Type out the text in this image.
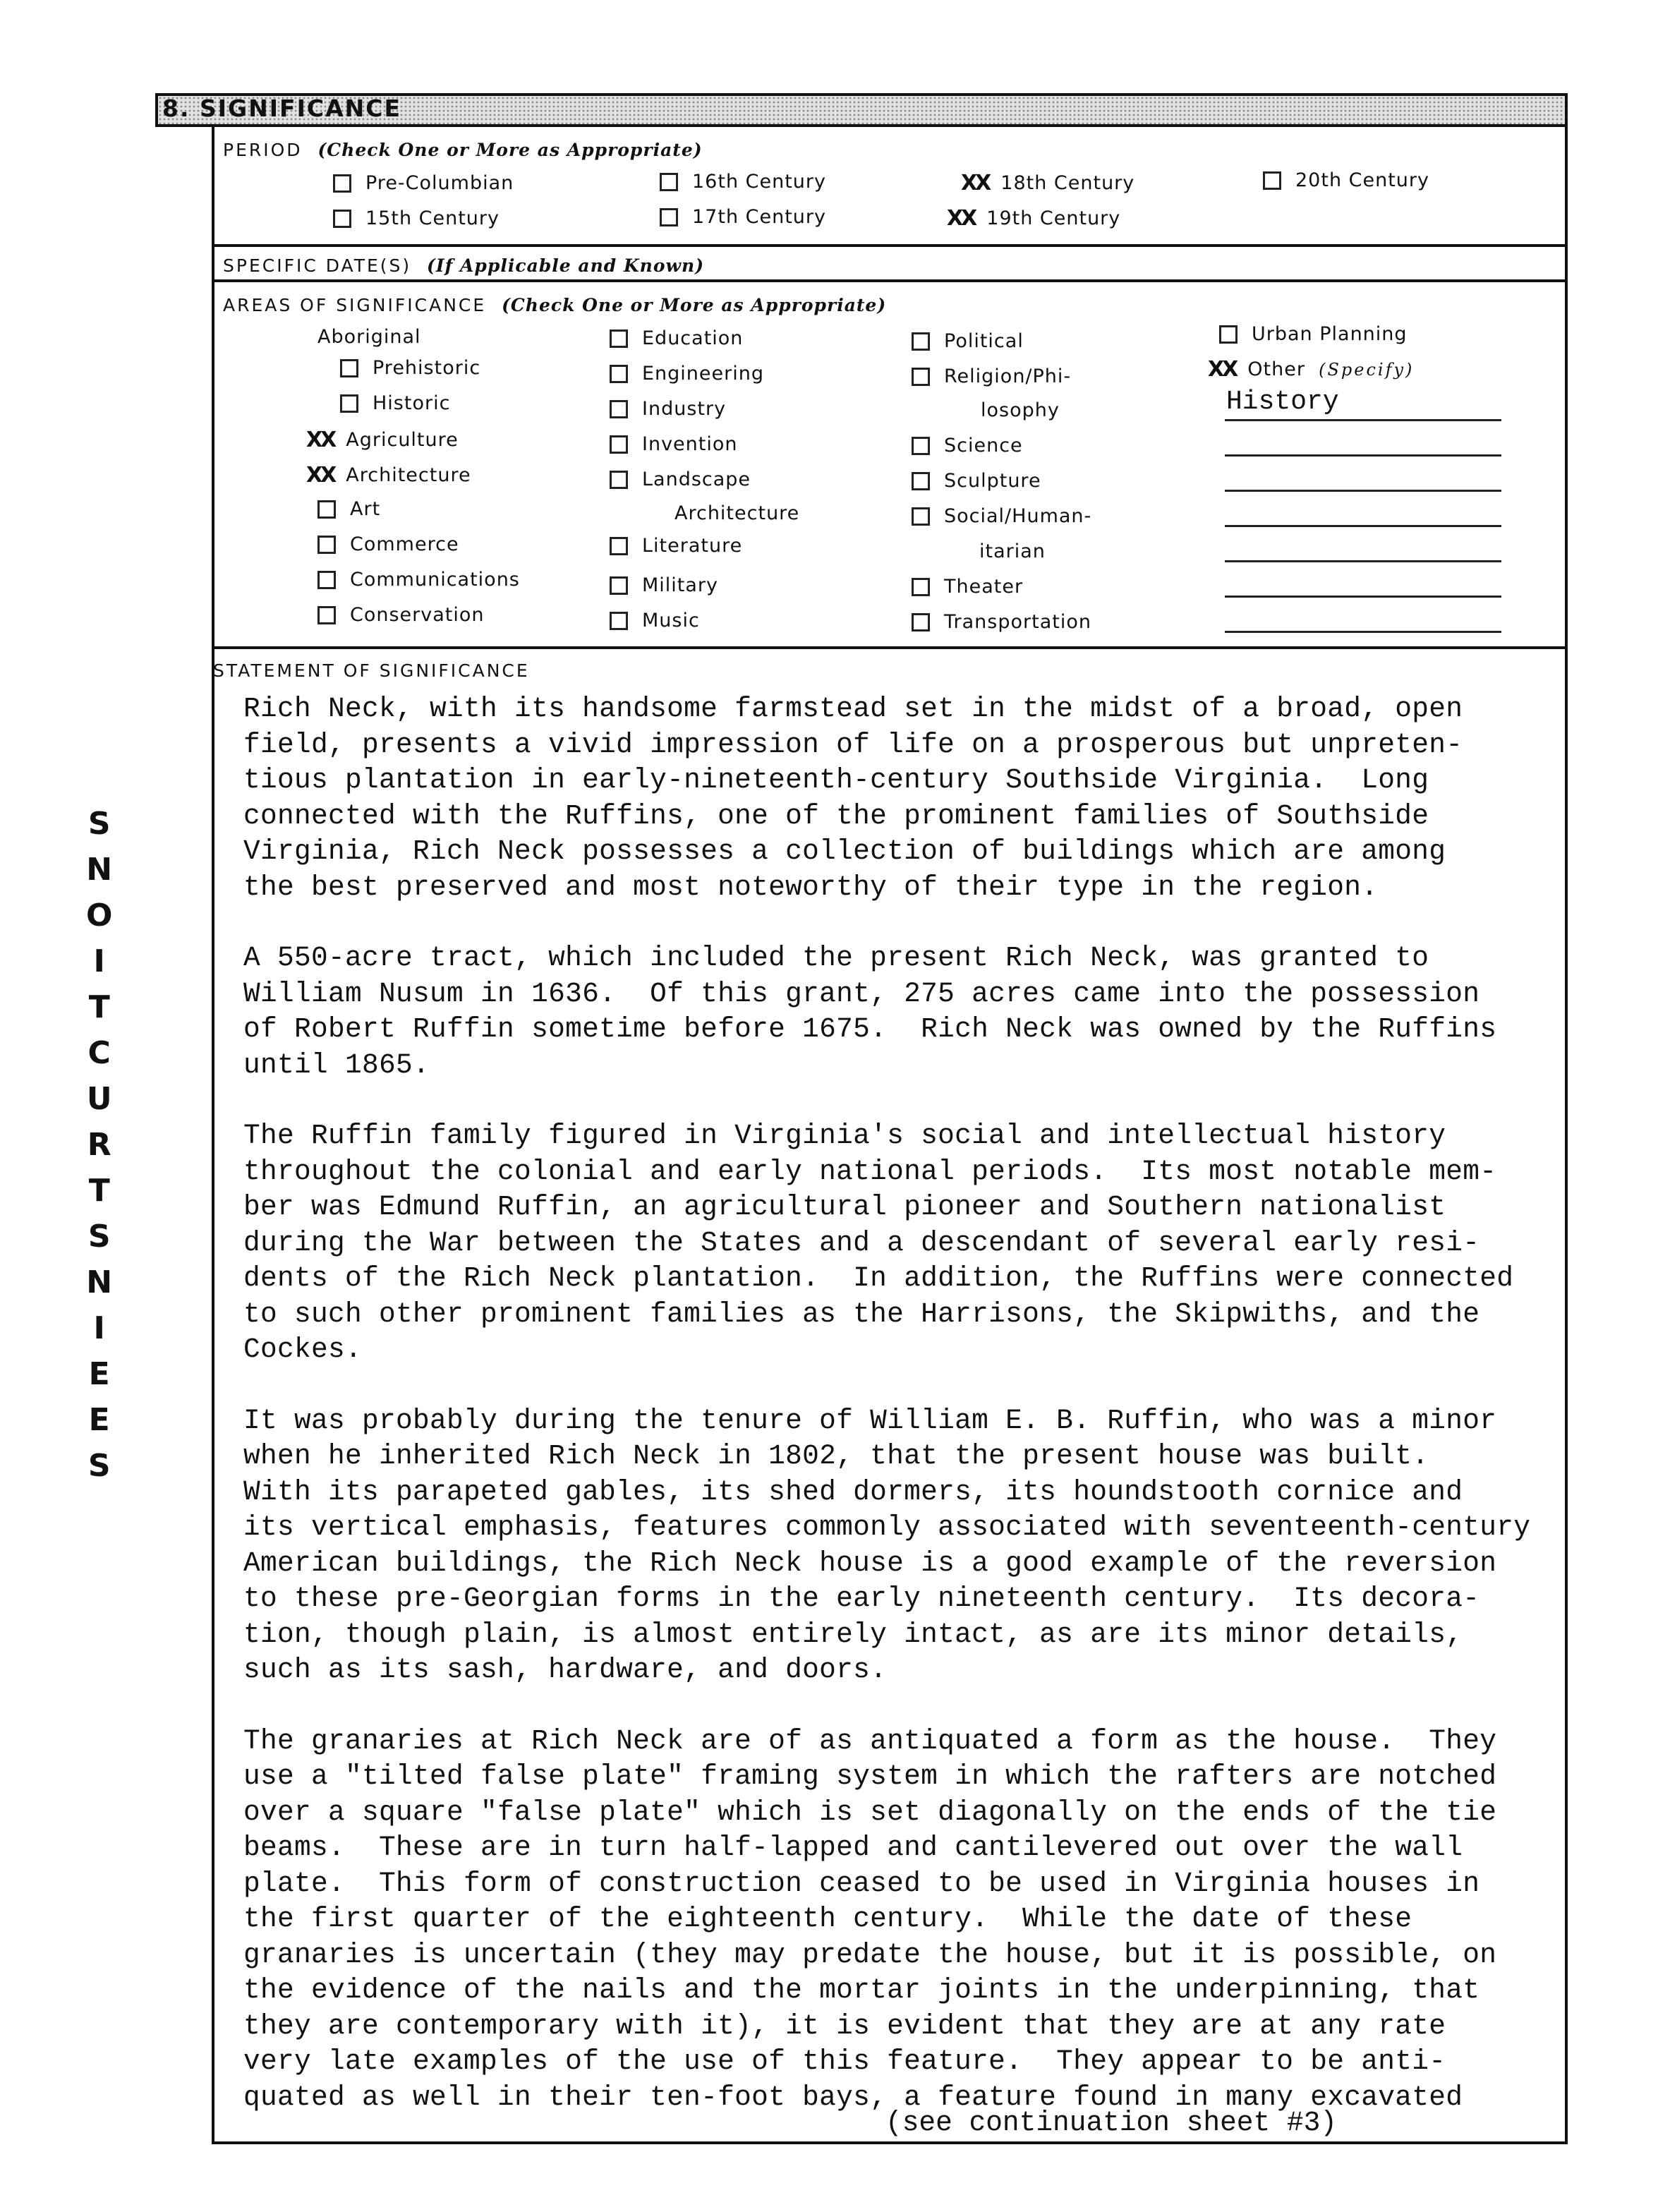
S
N
O
I
T
C
U
R
T
S
N
I
E
E
S
8. SIGNIFICANCE
PERIOD (Check One or More as Appropriate)
Pre-Columbian
15th Century
16th Century
17th Century
XX 18th Century
XX 19th Century
20th Century
SPECIFIC DATE(S) (If Applicable and Known)
AREAS OF SIGNIFICANCE (Check One or More as Appropriate)
Aboriginal
Prehistoric
Historic
XX Agriculture
XX Architecture
Art
Commerce
Communications
Conservation
Education
Engineering
Industry
Invention
Landscape
Architecture
Literature
Military
Music
Political
Religion/Phi-
losophy
Science
Sculpture
Social/Human-
itarian
Theater
Transportation
Urban Planning
XX Other
(Specify)
History
STATEMENT OF SIGNIFICANCE

Rich Neck, with its handsome farmstead set in the midst of a broad, open
field, presents a vivid impression of life on a prosperous but unpreten-
tious plantation in early-nineteenth-century Southside Virginia.  Long
connected with the Ruffins, one of the prominent families of Southside
Virginia, Rich Neck possesses a collection of buildings which are among
the best preserved and most noteworthy of their type in the region.

A 550-acre tract, which included the present Rich Neck, was granted to
William Nusum in 1636.  Of this grant, 275 acres came into the possession
of Robert Ruffin sometime before 1675.  Rich Neck was owned by the Ruffins
until 1865.

The Ruffin family figured in Virginia's social and intellectual history
throughout the colonial and early national periods.  Its most notable mem-
ber was Edmund Ruffin, an agricultural pioneer and Southern nationalist
during the War between the States and a descendant of several early resi-
dents of the Rich Neck plantation.  In addition, the Ruffins were connected
to such other prominent families as the Harrisons, the Skipwiths, and the
Cockes.

It was probably during the tenure of William E. B. Ruffin, who was a minor
when he inherited Rich Neck in 1802, that the present house was built.
With its parapeted gables, its shed dormers, its houndstooth cornice and
its vertical emphasis, features commonly associated with seventeenth-century
American buildings, the Rich Neck house is a good example of the reversion
to these pre-Georgian forms in the early nineteenth century.  Its decora-
tion, though plain, is almost entirely intact, as are its minor details,
such as its sash, hardware, and doors.

The granaries at Rich Neck are of as antiquated a form as the house.  They
use a "tilted false plate" framing system in which the rafters are notched
over a square "false plate" which is set diagonally on the ends of the tie
beams.  These are in turn half-lapped and cantilevered out over the wall
plate.  This form of construction ceased to be used in Virginia houses in
the first quarter of the eighteenth century.  While the date of these
granaries is uncertain (they may predate the house, but it is possible, on
the evidence of the nails and the mortar joints in the underpinning, that
they are contemporary with it), it is evident that they are at any rate
very late examples of the use of this feature.  They appear to be anti-
quated as well in their ten-foot bays, a feature found in many excavated

(see continuation sheet #3)
